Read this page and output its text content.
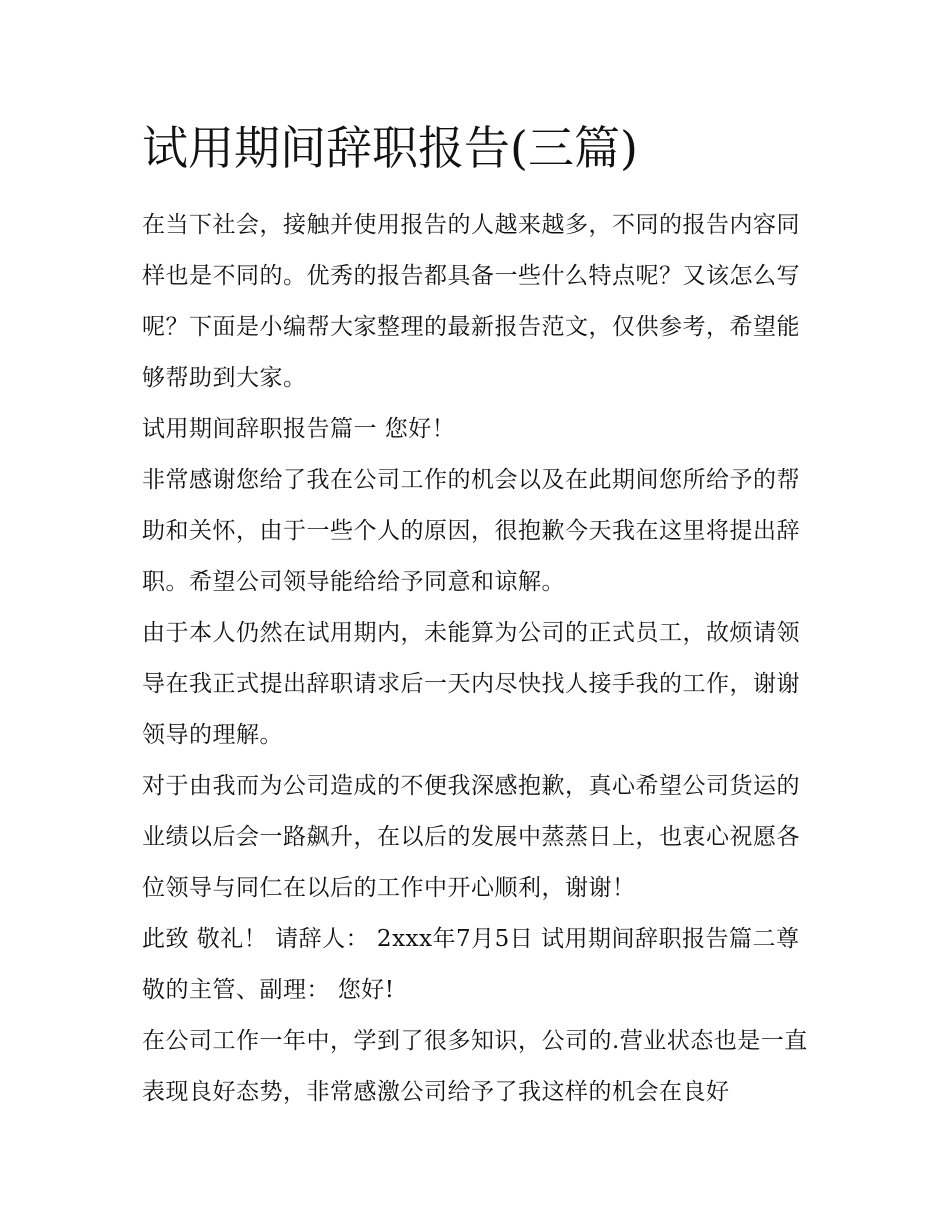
试用期间辞职报告(三篇)

在当下社会，接触并使用报告的人越来越多，不同的报告内容同样也是不同的。优秀的报告都具备一些什么特点呢？又该怎么写呢？下面是小编帮大家整理的最新报告范文，仅供参考，希望能够帮助到大家。

试用期间辞职报告篇一 您好！

非常感谢您给了我在公司工作的机会以及在此期间您所给予的帮助和关怀，由于一些个人的原因，很抱歉今天我在这里将提出辞职。希望公司领导能给给予同意和谅解。

由于本人仍然在试用期内，未能算为公司的正式员工，故烦请领导在我正式提出辞职请求后一天内尽快找人接手我的工作，谢谢领导的理解。

对于由我而为公司造成的不便我深感抱歉，真心希望公司货运的业绩以后会一路飙升，在以后的发展中蒸蒸日上，也衷心祝愿各位领导与同仁在以后的工作中开心顺利，谢谢！

此致 敬礼！ 请辞人： 2xxx年7月5日 试用期间辞职报告篇二尊敬的主管、副理： 您好!

在公司工作一年中，学到了很多知识，公司的.营业状态也是一直表现良好态势，非常感激公司给予了我这样的机会在良好
